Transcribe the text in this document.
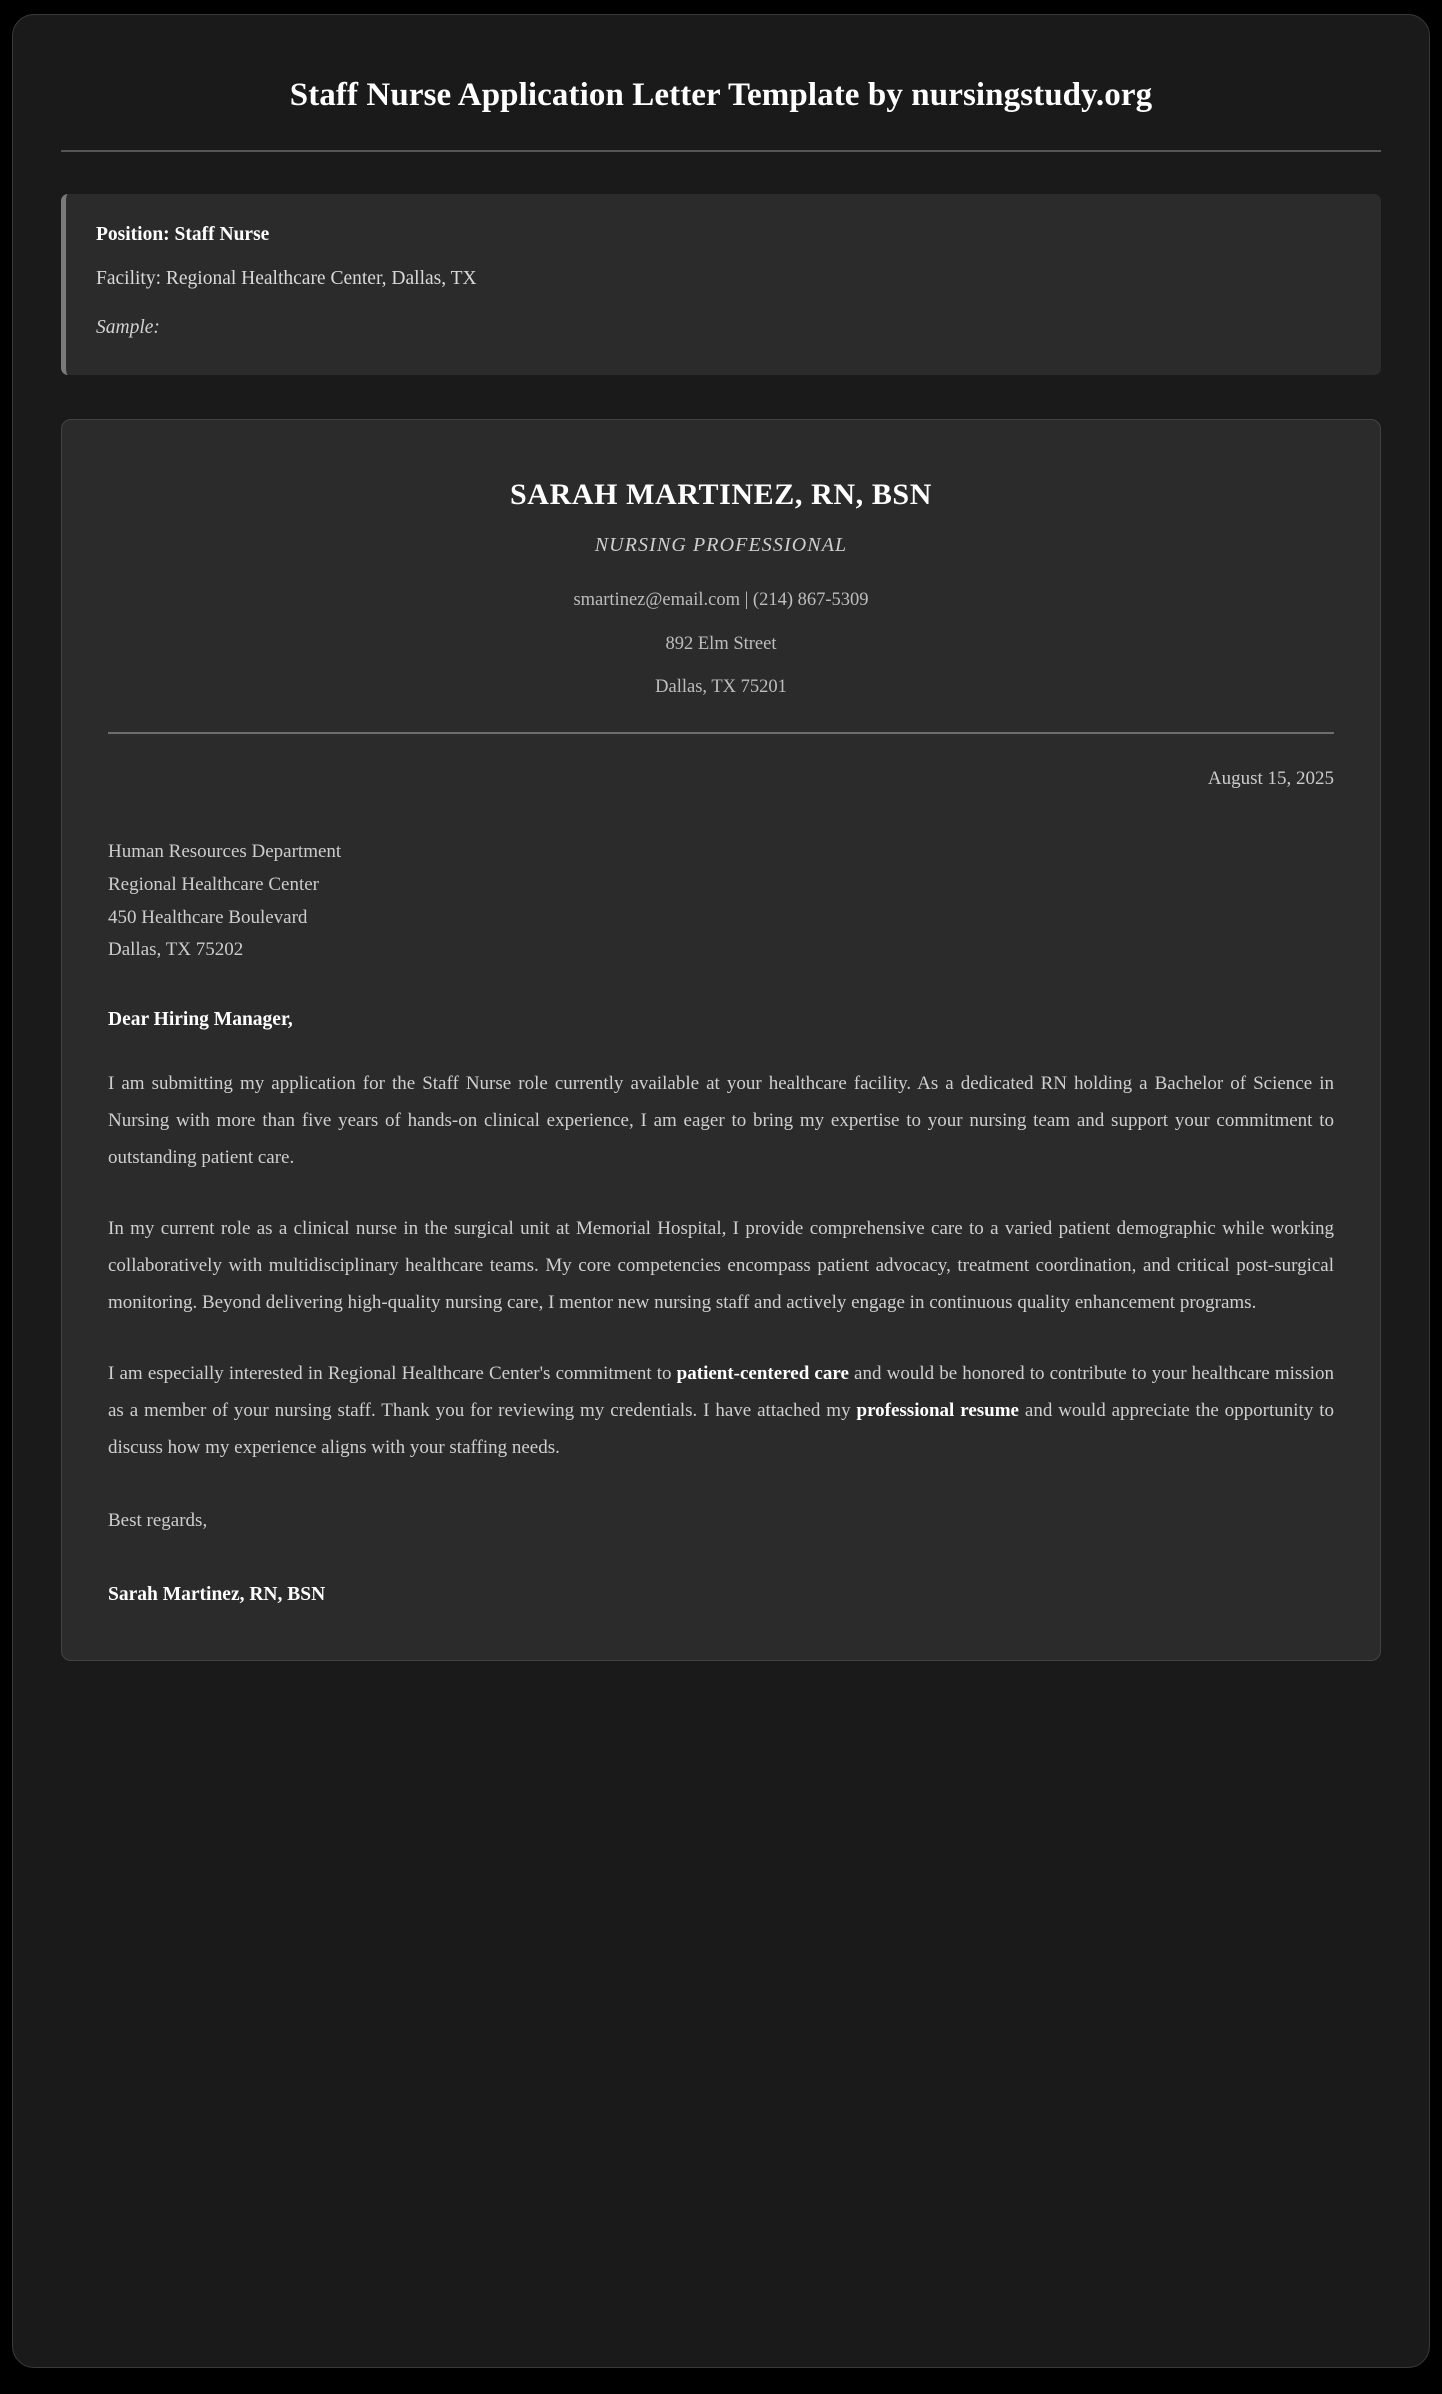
Staff Nurse Application Letter Template by nursingstudy.org

Position: Staff Nurse

Facility: Regional Healthcare Center, Dallas, TX

Sample:

SARAH MARTINEZ, RN, BSN
NURSING PROFESSIONAL
smartinez@email.com | (214) 867-5309
892 Elm Street
Dallas, TX 75201
August 15, 2025

Human Resources Department

Regional Healthcare Center

450 Healthcare Boulevard

Dallas, TX 75202

Dear Hiring Manager,

I am submitting my application for the Staff Nurse role currently available at your healthcare facility. As a dedicated RN holding a Bachelor of Science in Nursing with more than five years of hands-on clinical experience, I am eager to bring my expertise to your nursing team and support your commitment to outstanding patient care.

In my current role as a clinical nurse in the surgical unit at Memorial Hospital, I provide comprehensive care to a varied patient demographic while working collaboratively with multidisciplinary healthcare teams. My core competencies encompass patient advocacy, treatment coordination, and critical post-surgical monitoring. Beyond delivering high-quality nursing care, I mentor new nursing staff and actively engage in continuous quality enhancement programs.

I am especially interested in Regional Healthcare Center's commitment to patient-centered care and would be honored to contribute to your healthcare mission as a member of your nursing staff. Thank you for reviewing my credentials. I have attached my professional resume and would appreciate the opportunity to discuss how my experience aligns with your staffing needs.

Best regards,

Sarah Martinez, RN, BSN
